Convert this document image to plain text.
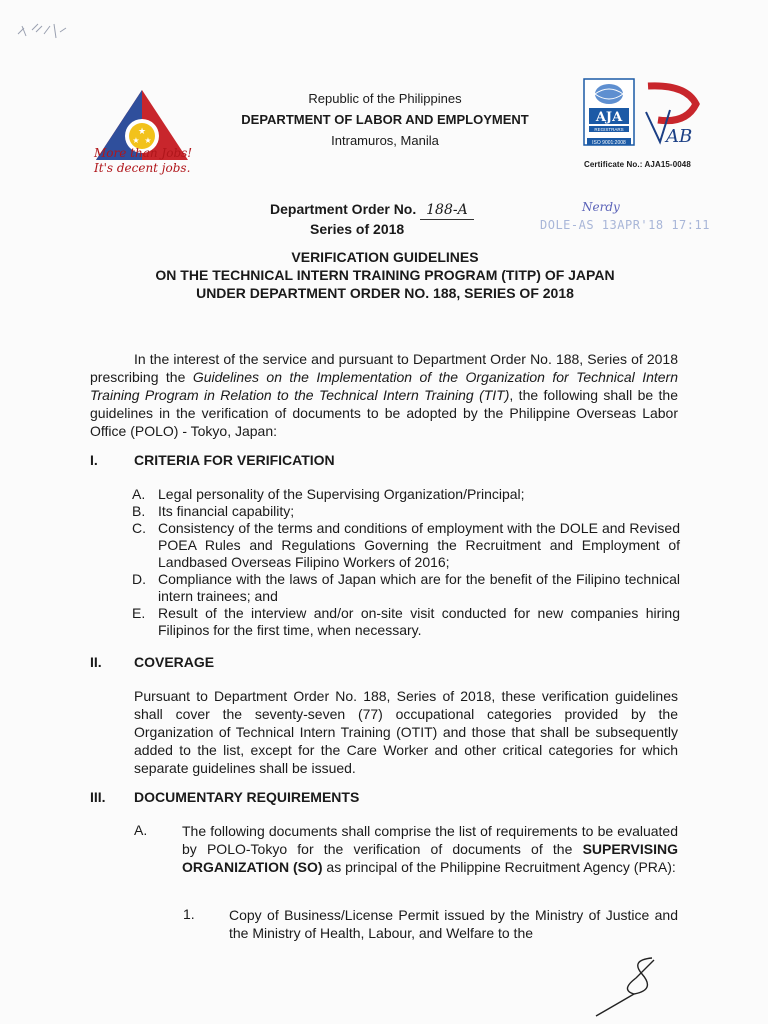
★
★ ★
More than Jobs!
It's decent jobs.
Republic of the Philippines
DEPARTMENT OF LABOR AND EMPLOYMENT
Intramuros, Manila
AJA
REGISTRARS
ISO 9001:2008 AB
Certificate No.: AJA15-0048
Department Order No. 188-A
Series of 2018
Nerdy
DOLE-AS 13APR'18 17:11
VERIFICATION GUIDELINES
ON THE TECHNICAL INTERN TRAINING PROGRAM (TITP) OF JAPAN
UNDER DEPARTMENT ORDER NO. 188, SERIES OF 2018
In the interest of the service and pursuant to Department Order No. 188, Series of 2018 prescribing the Guidelines on the Implementation of the Organization for Technical Intern Training Program in Relation to the Technical Intern Training (TIT), the following shall be the guidelines in the verification of documents to be adopted by the Philippine Overseas Labor Office (POLO) - Tokyo, Japan:
I.	CRITERIA FOR VERIFICATION
A. Legal personality of the Supervising Organization/Principal;
B. Its financial capability;
C. Consistency of the terms and conditions of employment with the DOLE and Revised POEA Rules and Regulations Governing the Recruitment and Employment of Landbased Overseas Filipino Workers of 2016;
D. Compliance with the laws of Japan which are for the benefit of the Filipino technical intern trainees; and
E. Result of the interview and/or on-site visit conducted for new companies hiring Filipinos for the first time, when necessary.
II. COVERAGE
Pursuant to Department Order No. 188, Series of 2018, these verification guidelines shall cover the seventy-seven (77) occupational categories provided by the Organization of Technical Intern Training (OTIT) and those that shall be subsequently added to the list, except for the Care Worker and other critical categories for which separate guidelines shall be issued.
III. DOCUMENTARY REQUIREMENTS
A. The following documents shall comprise the list of requirements to be evaluated by POLO-Tokyo for the verification of documents of the SUPERVISING ORGANIZATION (SO) as principal of the Philippine Recruitment Agency (PRA):
1. Copy of Business/License Permit issued by the Ministry of Justice and the Ministry of Health, Labour, and Welfare to the
